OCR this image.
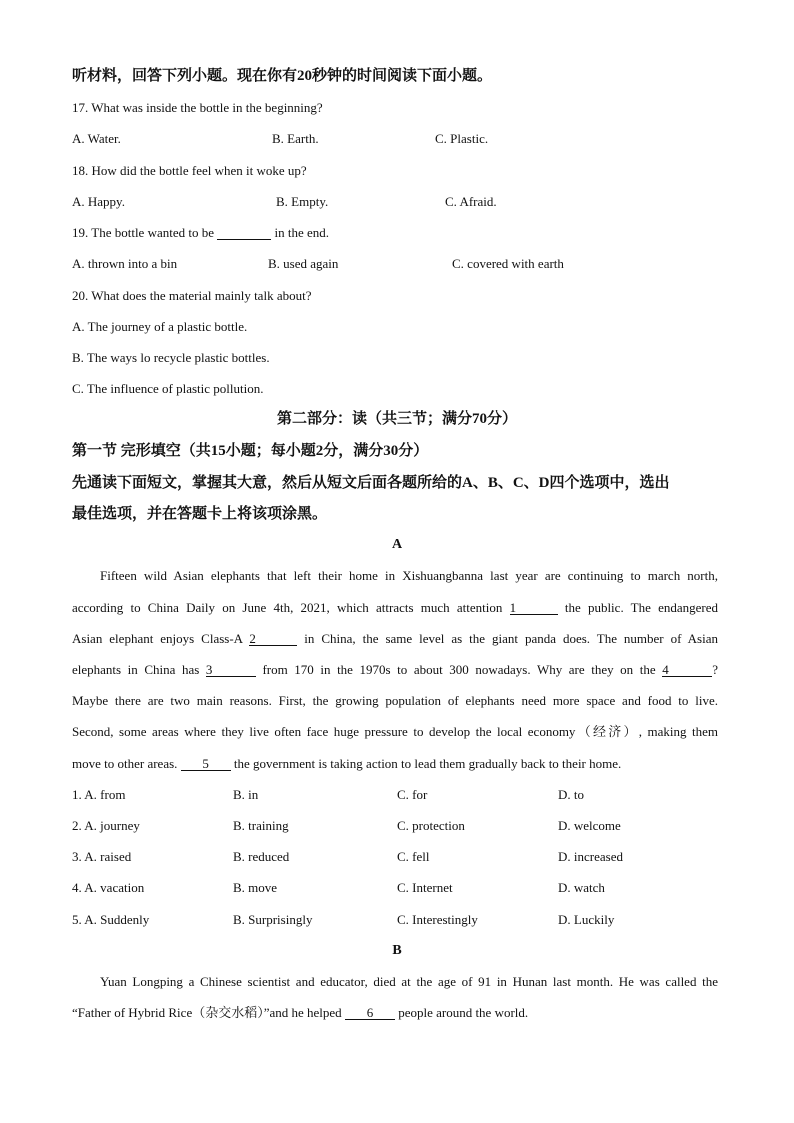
听材料，回答下列小题。现在你有20秒钟的时间阅读下面小题。
17. What was inside the bottle in the beginning?
A. Water.	B. Earth.	C. Plastic.
18. How did the bottle feel when it woke up?
A. Happy.	B. Empty.	C. Afraid.
19. The bottle wanted to be	in the end.
A. thrown into a bin	B. used again	C. covered with earth
20. What does the material mainly talk about?
A. The journey of a plastic bottle.
B. The ways lo recycle plastic bottles.
C. The influence of plastic pollution.
第二部分：读（共三节；满分70分）
第一节 完形填空（共15小题；每小题2分，满分30分）
先通读下面短文，掌握其大意，然后从短文后面各题所给的A、B、C、D四个选项中，选出
最佳选项，并在答题卡上将该项涂黑。
A
Fifteen wild Asian elephants that left their home in Xishuangbanna last year are continuing to march north,
according to China Daily on June 4th, 2021, which attracts much attention 1	the public. The endangered
Asian elephant enjoys Class-A 2	in China, the same level as the giant panda does. The number of Asian
elephants in China has 3	from 170 in the 1970s to about 300 nowadays. Why are they on the 4	?
Maybe there are two main reasons. First, the growing population of elephants need more space and food to live.
Second, some areas where they live often face huge pressure to develop the local economy（经济）, making them
move to other areas. 5 the government is taking action to lead them gradually back to their home.
1. A. from	B. in	C. for	D. to
2. A. journey	B. training	C. protection	D. welcome
3. A. raised	B. reduced	C. fell	D. increased
4. A. vacation	B. move	C. Internet	D. watch
5. A. Suddenly	B. Surprisingly	C. Interestingly	D. Luckily
B
Yuan Longping a Chinese scientist and educator, died at the age of 91 in Hunan last month. He was called the
“Father of Hybrid Rice（杂交水稻）”and he helped 6 people around the world.
